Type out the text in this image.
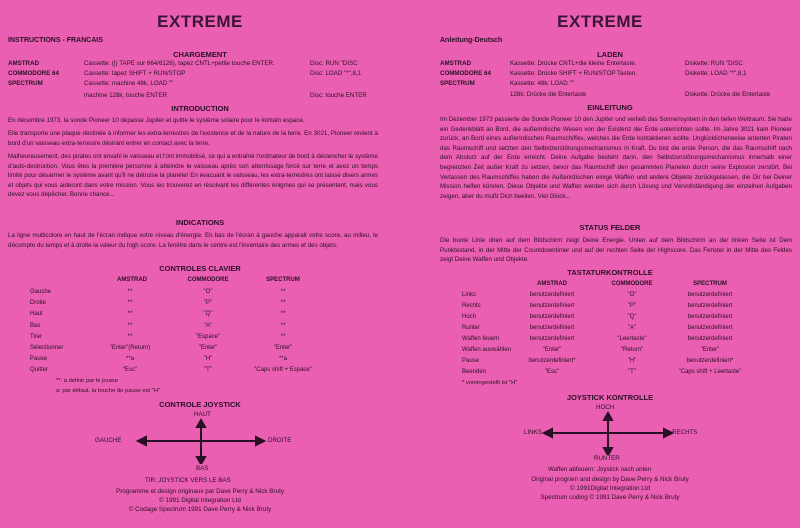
EXTREME
INSTRUCTIONS - FRANCAIS
CHARGEMENT
AMSTRAD	Cassette: (|) TAPE sur 664/6128), tapez CNTL+petite touche ENTER.	Disc: RUN "DISC
COMMODORE 64	Cassette: tapez SHIFT + RUN/STOP	Disc: LOAD "*",8,1
SPECTRUM	Cassette: machine 48k, LOAD ""
machine 128k, touche ENTER	Disc: touche ENTER
INTRODUCTION
En décembre 1973, la sonde Pioneer 10 dépasse Jupiter et quitte le système solaire pour le lointain espace.
Elle transporte une plaque destinée à informer les extra-terrestres de l'existence et de la nature de la terre. En 3021, Pioneer revient à bord d'un vaisseau extra-terrestre désirant entrer en contact avec la terre.
Malheureusement, des pirates ont envahi le vaisseau et l'ont immobilisé, ce qui a entraîné l'ordinateur de bord à déclencher le système d'auto-destruction. Vous êtes la première personne à atteindre le vaisseau après son atterrissage forcé sur terre et avez un temps limité pour désarmer le système avant qu'il ne détruise la planète! En évacuant le vaisseau, les extra-terrestres ont laissé divers armes et objets qui vous aideront dans votre mission. Vous les trouverez en résolvant les différentes énigmes qui se présentent, mais vous devez vous dépêcher. Bonne chance...
INDICATIONS
La ligne multicolore en haut de l'écran indique votre niveau d'énergie. En bas de l'écran à gauche apparait votre score, au milieu, le décompte du temps et à droite la valeur du high score. La fenêtre dans le centre est l'inventaire des armes et des objets.
CONTROLES CLAVIER
AMSTRAD	COMMODORE	SPECTRUM
Gauche	**	"O"	**
Droite	**	"P"	**
Haut	**	"Q"	**
Bas	**	"A"	**
Tirer	**	"Espace"	**
Sélectionner	"Enter"(Return)	"Enter"	"Enter"
Pause	**a	"H"	**a
Quitter	"Esc"	"T"	"Caps shift + Espace"
**: à definir par le joueur
a: par défaut, la touche de pause est "H"
CONTROLE JOYSTICK
HAUT
BAS
GAUCHE	DROITE
TIR: JOYSTICK VERS LE BAS
Programme et design originaux par Dave Perry & Nick Bruty
© 1991 Digital Integration Ltd
© Codage Spectrum 1991 Dave Perry & Nick Bruty
EXTREME
Anleitung-Deutsch
LADEN
AMSTRAD	Kassette: Drücke CNTL+die kleine Entertaste.	Diskette: RUN "DISC
COMMODORE 64	Kassette: Drücke SHIFT + RUN/STOP Tasten.	Diskette: LOAD "*",8,1
SPECTRUM	Kassette: 48k: LOAD ""
128k: Drücke die Entertaste	Diskette: Drücke die Entertaste
EINLEITUNG
Im Dezember 1973 passierte die Sonde Pioneer 10 den Jupiter und verließ das Sonnensystem in den tiefen Weltraum. Sie hatte ein Gedenkblatt an Bord, die außerirdische Wesen von der Existenz der Erde unterrichten sollte. Im Jahre 3021 kam Pioneer zurück, an Bord eines außerirdischen Raumschiffes, welches die Erde kontaktieren wollte. Unglücklicherweise enterten Piraten das Raumschiff und setzten den Selbstzerstörungsmechanismus in Kraft. Du bist die erste Person, die das Raumschiff nach dem Absturz auf der Erde erreicht. Deine Aufgabe besteht darin, den Selbstzerstörungsmechanismus innerhalb einer begrenzten Zeit außer Kraft zu setzen, bevor das Raumschiff den gesammten Planeten durch seine Explosion zerstört. Bei Verlassen des Raumschiffes haben die Außerirdischen einige Waffen und andere Objekte zurückgelassen, die Dir bei Deiner Mission helfen können. Diese Objekte und Waffen werden sich durch Lösung und Vervollständigung der einzelnen Aufgaben zeigen, aber du mußt Dich beeilen. Viel Glück...
STATUS FELDER
Die bunte Linie oben auf dem Bildschirm zeigt Deine Energie. Unten auf dem Bildschirm an der linken Seite ist Dein Punktestand, in der Mitte der Countdowntimer und auf der rechten Seite der Highscore. Das Fenster in der Mitte des Feldes zeigt Deine Waffen und Objekte.
TASTATURKONTROLLE
AMSTRAD	COMMODORE	SPECTRUM
Links	benutzerdefiniert	"O"	benutzerdefiniert
Rechts	benutzerdefiniert	"P"	benutzerdefiniert
Hoch	benutzerdefiniert	"Q"	benutzerdefiniert
Runter	benutzerdefiniert	"A"	benutzerdefiniert
Waffen feuern	benutzerdefiniert	"Leertaste"	benutzerdefiniert
Waffen auswählen	"Enter"	"Return"	"Enter"
Pause	benutzerdefiniert*	"H"	benutzerdefiniert*
Beenden	"Esc"	"T"	"Caps shift + Leertaste"
* voreingestellt ist "H"
JOYSTICK KONTROLLE
HOCH
RUNTER
LINKS	RECHTS
Waffen abfeuern: Joystick nach unten
Original program and design by Dave Perry & Nick Bruty
© 1991Digital Integration Ltd
Spectrum coding © 1991 Dave Perry & Nick Bruty
